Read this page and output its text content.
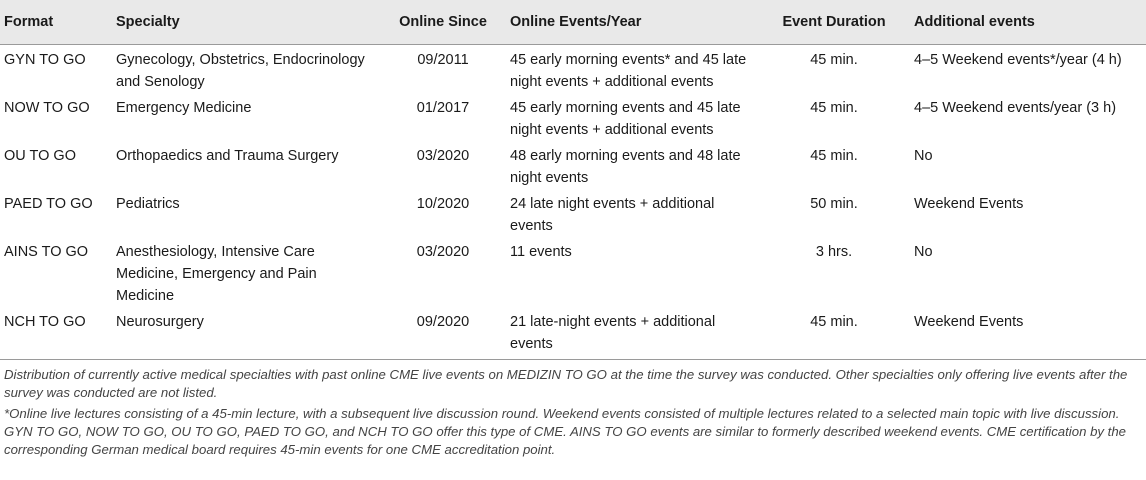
Format	Specialty	Online Since	Online Events/Year	Event Duration	Additional events
GYN TO GO	Gynecology, Obstetrics, Endocrinology and Senology	09/2011	45 early morning events* and 45 late night events + additional events	45 min.	4–5 Weekend events*/year (4 h)
NOW TO GO	Emergency Medicine	01/2017	45 early morning events and 45 late night events + additional events	45 min.	4–5 Weekend events/year (3 h)
OU TO GO	Orthopaedics and Trauma Surgery	03/2020	48 early morning events and 48 late night events	45 min.	No
PAED TO GO	Pediatrics	10/2020	24 late night events + additional events	50 min.	Weekend Events
AINS TO GO	Anesthesiology, Intensive Care Medicine, Emergency and Pain Medicine	03/2020	11 events	3 hrs.	No
NCH TO GO	Neurosurgery	09/2020	21 late-night events + additional events	45 min.	Weekend Events

Distribution of currently active medical specialties with past online CME live events on MEDIZIN TO GO at the time the survey was conducted. Other specialties only offering live events after the survey was conducted are not listed.

*Online live lectures consisting of a 45-min lecture, with a subsequent live discussion round. Weekend events consisted of multiple lectures related to a selected main topic with live discussion. GYN TO GO, NOW TO GO, OU TO GO, PAED TO GO, and NCH TO GO offer this type of CME. AINS TO GO events are similar to formerly described weekend events. CME certification by the corresponding German medical board requires 45-min events for one CME accreditation point.
